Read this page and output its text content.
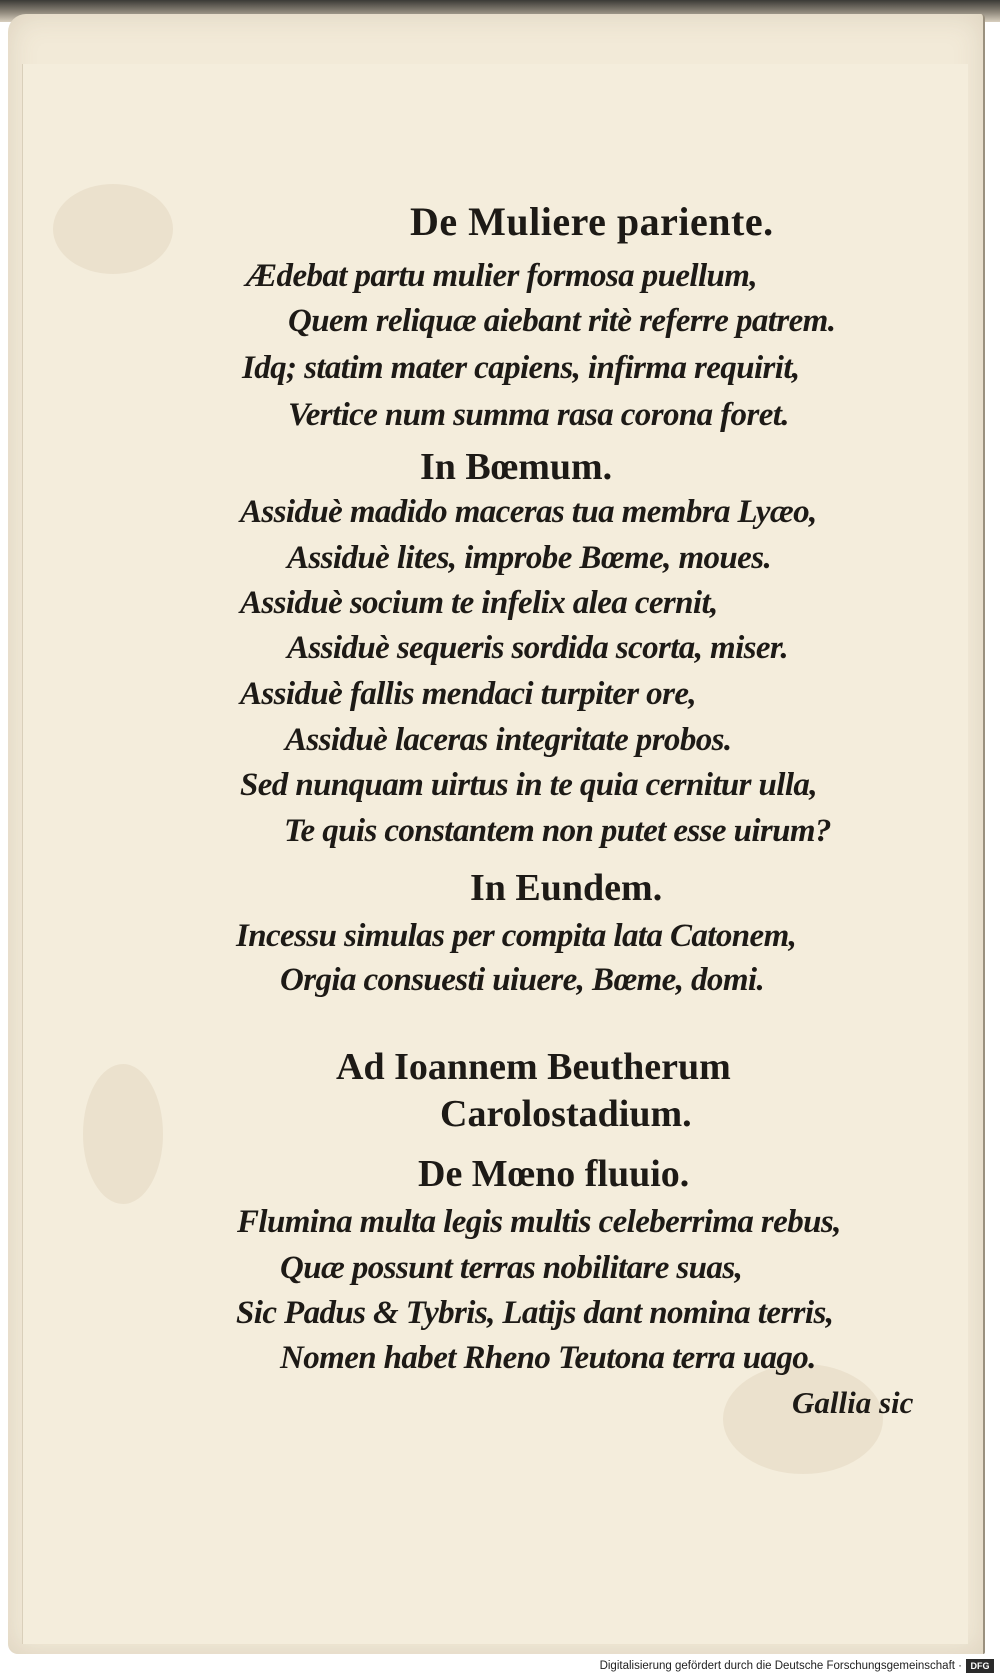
De Muliere pariente.
Ædebat partu mulier formosa puellum,
Quem reliquæ aiebant ritè referre patrem.
Idq; statim mater capiens, infirma requirit,
Vertice num summa rasa corona foret.
In Bœmum.
Assiduè madido maceras tua membra Lyæo,
Assiduè lites, improbe Bœme, moues.
Assiduè socium te infelix alea cernit,
Assiduè sequeris sordida scorta, miser.
Assiduè fallis mendaci turpiter ore,
Assiduè laceras integritate probos.
Sed nunquam uirtus in te quia cernitur ulla,
Te quis constantem non putet esse uirum?
In Eundem.
Incessu simulas per compita lata Catonem,
Orgia consuesti uiuere, Bœme, domi.
Ad Ioannem Beutherum
Carolostadium.
De Mœno fluuio.
Flumina multa legis multis celeberrima rebus,
Quæ possunt terras nobilitare suas,
Sic Padus & Tybris, Latijs dant nomina terris,
Nomen habet Rheno Teutona terra uago.
Gallia sic
Digitalisierung gefördert durch die Deutsche Forschungsgemeinschaft · DFG
